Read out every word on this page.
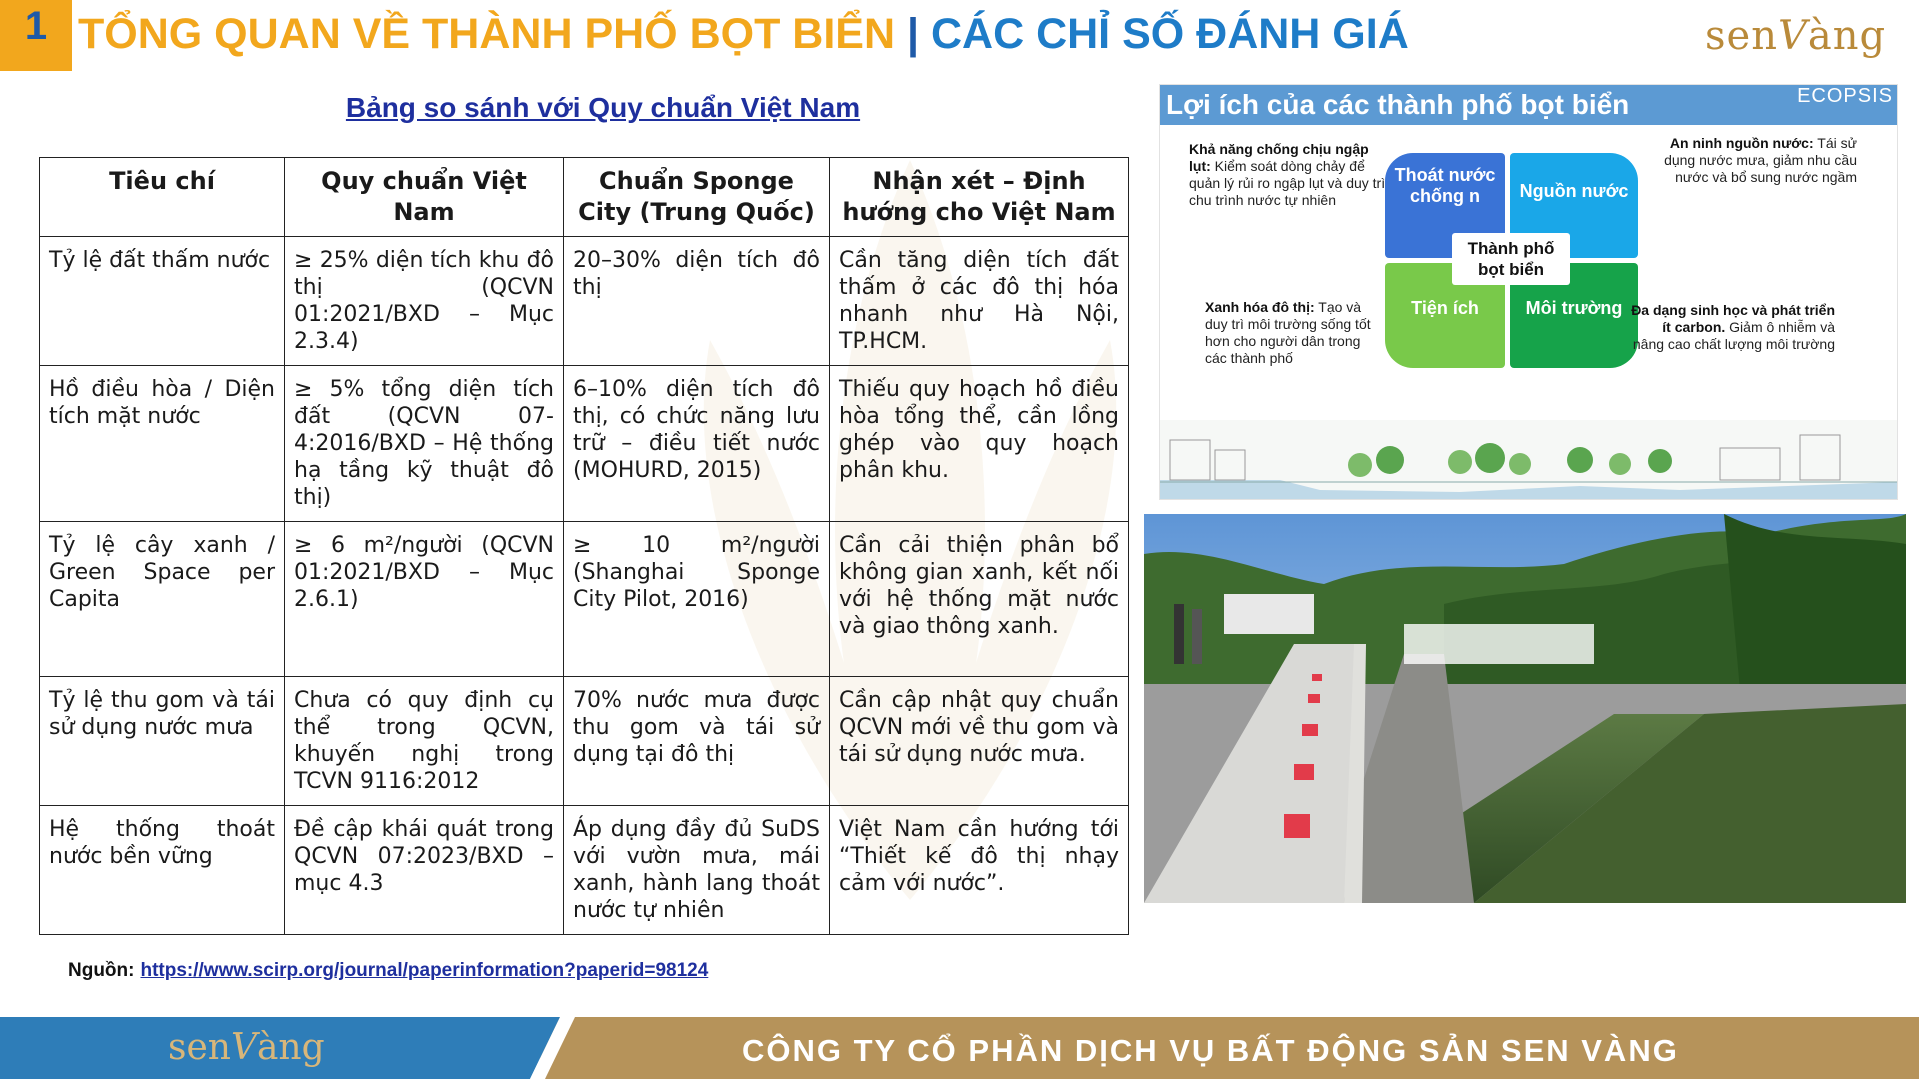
1 TỔNG QUAN VỀ THÀNH PHỐ BỌT BIỂN | CÁC CHỈ SỐ ĐÁNH GIÁ	senVàng
Bảng so sánh với Quy chuẩn Việt Nam
Tiêu chí	Quy chuẩn Việt Nam	Chuẩn Sponge City (Trung Quốc)	Nhận xét – Định hướng cho Việt Nam
Tỷ lệ đất thấm nước	≥ 25% diện tích khu đô thị (QCVN 01:2021/BXD – Mục 2.3.4)	20–30% diện tích đô thị	Cần tăng diện tích đất thấm ở các đô thị hóa nhanh như Hà Nội, TP.HCM.
Hồ điều hòa / Diện tích mặt nước	≥ 5% tổng diện tích đất (QCVN 07-4:2016/BXD – Hệ thống hạ tầng kỹ thuật đô thị)	6–10% diện tích đô thị, có chức năng lưu trữ – điều tiết nước (MOHURD, 2015)	Thiếu quy hoạch hồ điều hòa tổng thể, cần lồng ghép vào quy hoạch phân khu.
Tỷ lệ cây xanh / Green Space per Capita	≥ 6 m²/người (QCVN 01:2021/BXD – Mục 2.6.1)	≥ 10 m²/người (Shanghai Sponge City Pilot, 2016)	Cần cải thiện phân bổ không gian xanh, kết nối với hệ thống mặt nước và giao thông xanh.
Tỷ lệ thu gom và tái sử dụng nước mưa	Chưa có quy định cụ thể trong QCVN, khuyến nghị trong TCVN 9116:2012	70% nước mưa được thu gom và tái sử dụng tại đô thị	Cần cập nhật quy chuẩn QCVN mới về thu gom và tái sử dụng nước mưa.
Hệ thống thoát nước bền vững	Đề cập khái quát trong QCVN 07:2023/BXD – mục 4.3	Áp dụng đầy đủ SuDS với vườn mưa, mái xanh, hành lang thoát nước tự nhiên	Việt Nam cần hướng tới “Thiết kế đô thị nhạy cảm với nước”.
Nguồn: https://www.scirp.org/journal/paperinformation?paperid=98124
Lợi ích của các thành phố bọt biển	ECOPSIS
Thoát nước chống n	Nguồn nước
Tiện ích	Môi trường
Thành phố bọt biển
Khả năng chống chịu ngập lụt: Kiểm soát dòng chảy để quản lý rủi ro ngập lụt và duy trì chu trình nước tự nhiên
An ninh nguồn nước: Tái sử dụng nước mưa, giảm nhu cầu nước và bổ sung nước ngầm
Xanh hóa đô thị: Tạo và duy trì môi trường sống tốt hơn cho người dân trong các thành phố
Đa dạng sinh học và phát triển ít carbon. Giảm ô nhiễm và nâng cao chất lượng môi trường
senVàng	CÔNG TY CỔ PHẦN DỊCH VỤ BẤT ĐỘNG SẢN SEN VÀNG
